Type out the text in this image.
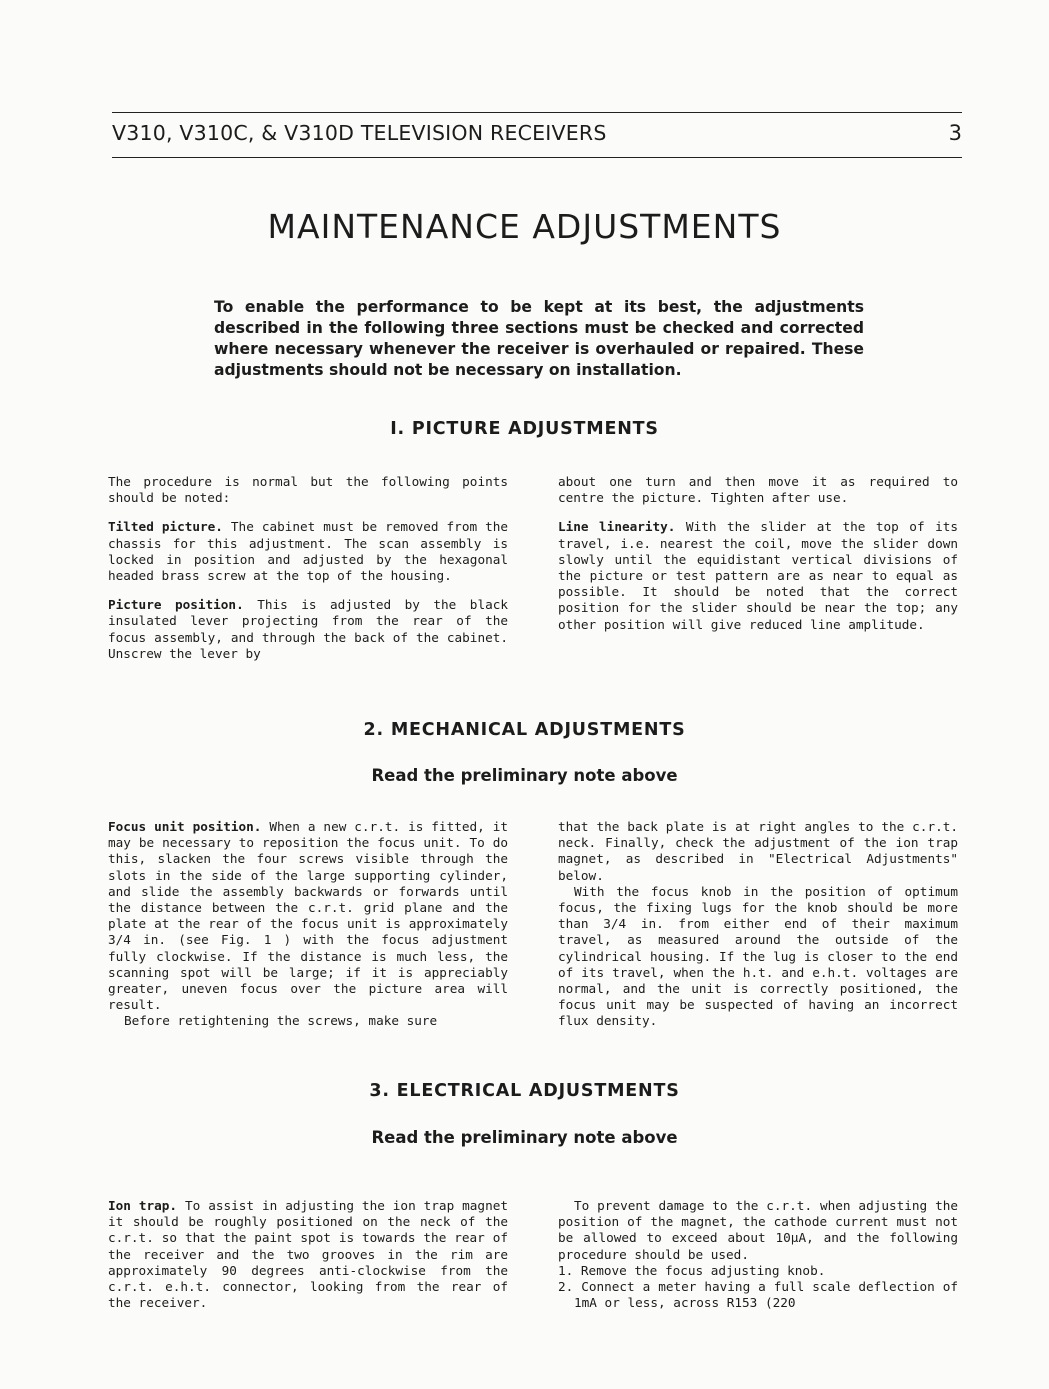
V310, V310C, & V310D TELEVISION RECEIVERS	3
MAINTENANCE ADJUSTMENTS
To enable the performance to be kept at its best, the adjustments described in the following three sections must be checked and corrected where necessary whenever the receiver is overhauled or repaired. These adjustments should not be necessary on installation.
I. PICTURE ADJUSTMENTS

The procedure is normal but the following points should be noted:

Tilted picture. The cabinet must be removed from the chassis for this adjustment. The scan assembly is locked in position and adjusted by the hexagonal headed brass screw at the top of the housing.

Picture position. This is adjusted by the black insulated lever projecting from the rear of the focus assembly, and through the back of the cabinet. Unscrew the lever by

about one turn and then move it as required to centre the picture. Tighten after use.

Line linearity. With the slider at the top of its travel, i.e. nearest the coil, move the slider down slowly until the equidistant vertical divisions of the picture or test pattern are as near to equal as possible. It should be noted that the correct position for the slider should be near the top; any other position will give reduced line amplitude.

2. MECHANICAL ADJUSTMENTS
Read the preliminary note above

Focus unit position. When a new c.r.t. is fitted, it may be necessary to reposition the focus unit. To do this, slacken the four screws visible through the slots in the side of the large supporting cylinder, and slide the assembly backwards or forwards until the distance between the c.r.t. grid plane and the plate at the rear of the focus unit is approximately 3/4 in. (see Fig. 1 ) with the focus adjustment fully clockwise. If the distance is much less, the scanning spot will be large; if it is appreciably greater, uneven focus over the picture area will result.

Before retightening the screws, make sure

that the back plate is at right angles to the c.r.t. neck. Finally, check the adjustment of the ion trap magnet, as described in "Electrical Adjustments" below.

With the focus knob in the position of optimum focus, the fixing lugs for the knob should be more than 3/4 in. from either end of their maximum travel, as measured around the outside of the cylindrical housing. If the lug is closer to the end of its travel, when the h.t. and e.h.t. voltages are normal, and the unit is correctly positioned, the focus unit may be suspected of having an incorrect flux density.

3. ELECTRICAL ADJUSTMENTS
Read the preliminary note above

Ion trap. To assist in adjusting the ion trap magnet it should be roughly positioned on the neck of the c.r.t. so that the paint spot is towards the rear of the receiver and the two grooves in the rim are approximately 90 degrees anti-clockwise from the c.r.t. e.h.t. connector, looking from the rear of the receiver.

To prevent damage to the c.r.t. when adjusting the position of the magnet, the cathode current must not be allowed to exceed about 10µA, and the following procedure should be used.

1. Remove the focus adjusting knob.

2. Connect a meter having a full scale deflection of 1mA or less, across R153 (220
